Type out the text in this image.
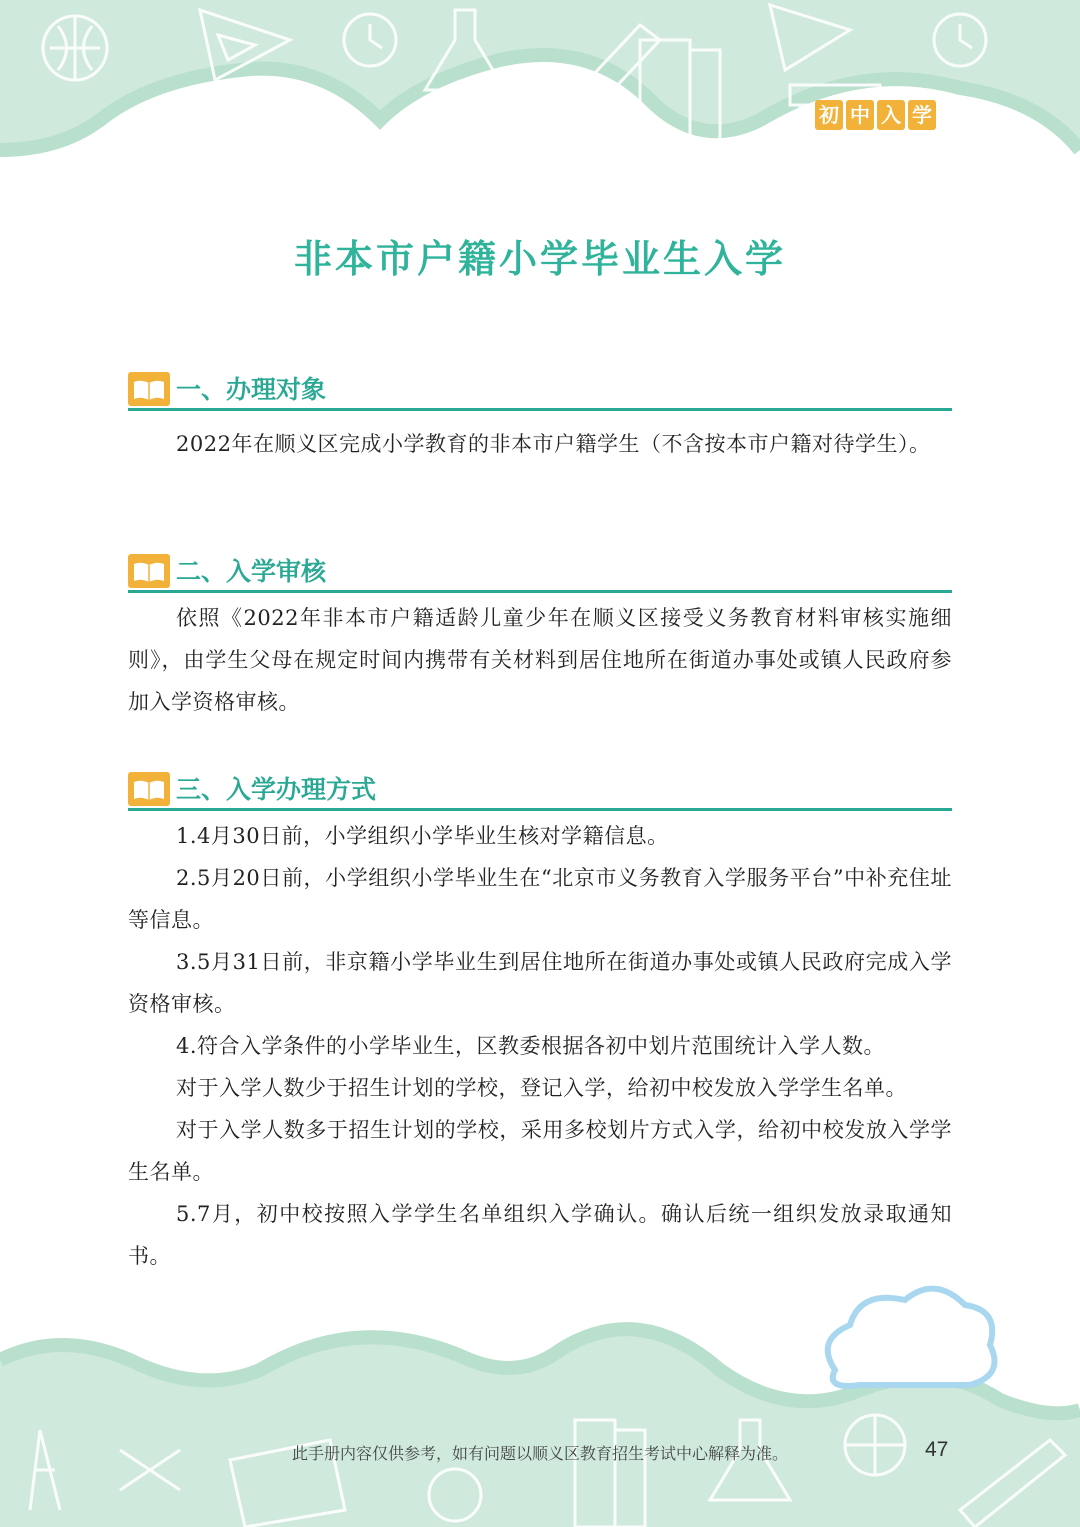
初 中 入 学
非本市户籍小学毕业生入学
一、办理对象

2022年在顺义区完成小学教育的非本市户籍学生（不含按本市户籍对待学生）。

二、入学审核

依照《2022年非本市户籍适龄儿童少年在顺义区接受义务教育材料审核实施细则》，由学生父母在规定时间内携带有关材料到居住地所在街道办事处或镇人民政府参加入学资格审核。

三、入学办理方式

1.4月30日前，小学组织小学毕业生核对学籍信息。

2.5月20日前，小学组织小学毕业生在“北京市义务教育入学服务平台”中补充住址等信息。

3.5月31日前，非京籍小学毕业生到居住地所在街道办事处或镇人民政府完成入学资格审核。

4.符合入学条件的小学毕业生，区教委根据各初中划片范围统计入学人数。

对于入学人数少于招生计划的学校，登记入学，给初中校发放入学学生名单。

对于入学人数多于招生计划的学校，采用多校划片方式入学，给初中校发放入学学生名单。

5.7月，初中校按照入学学生名单组织入学确认。确认后统一组织发放录取通知书。

此手册内容仅供参考，如有问题以顺义区教育招生考试中心解释为准。	47
